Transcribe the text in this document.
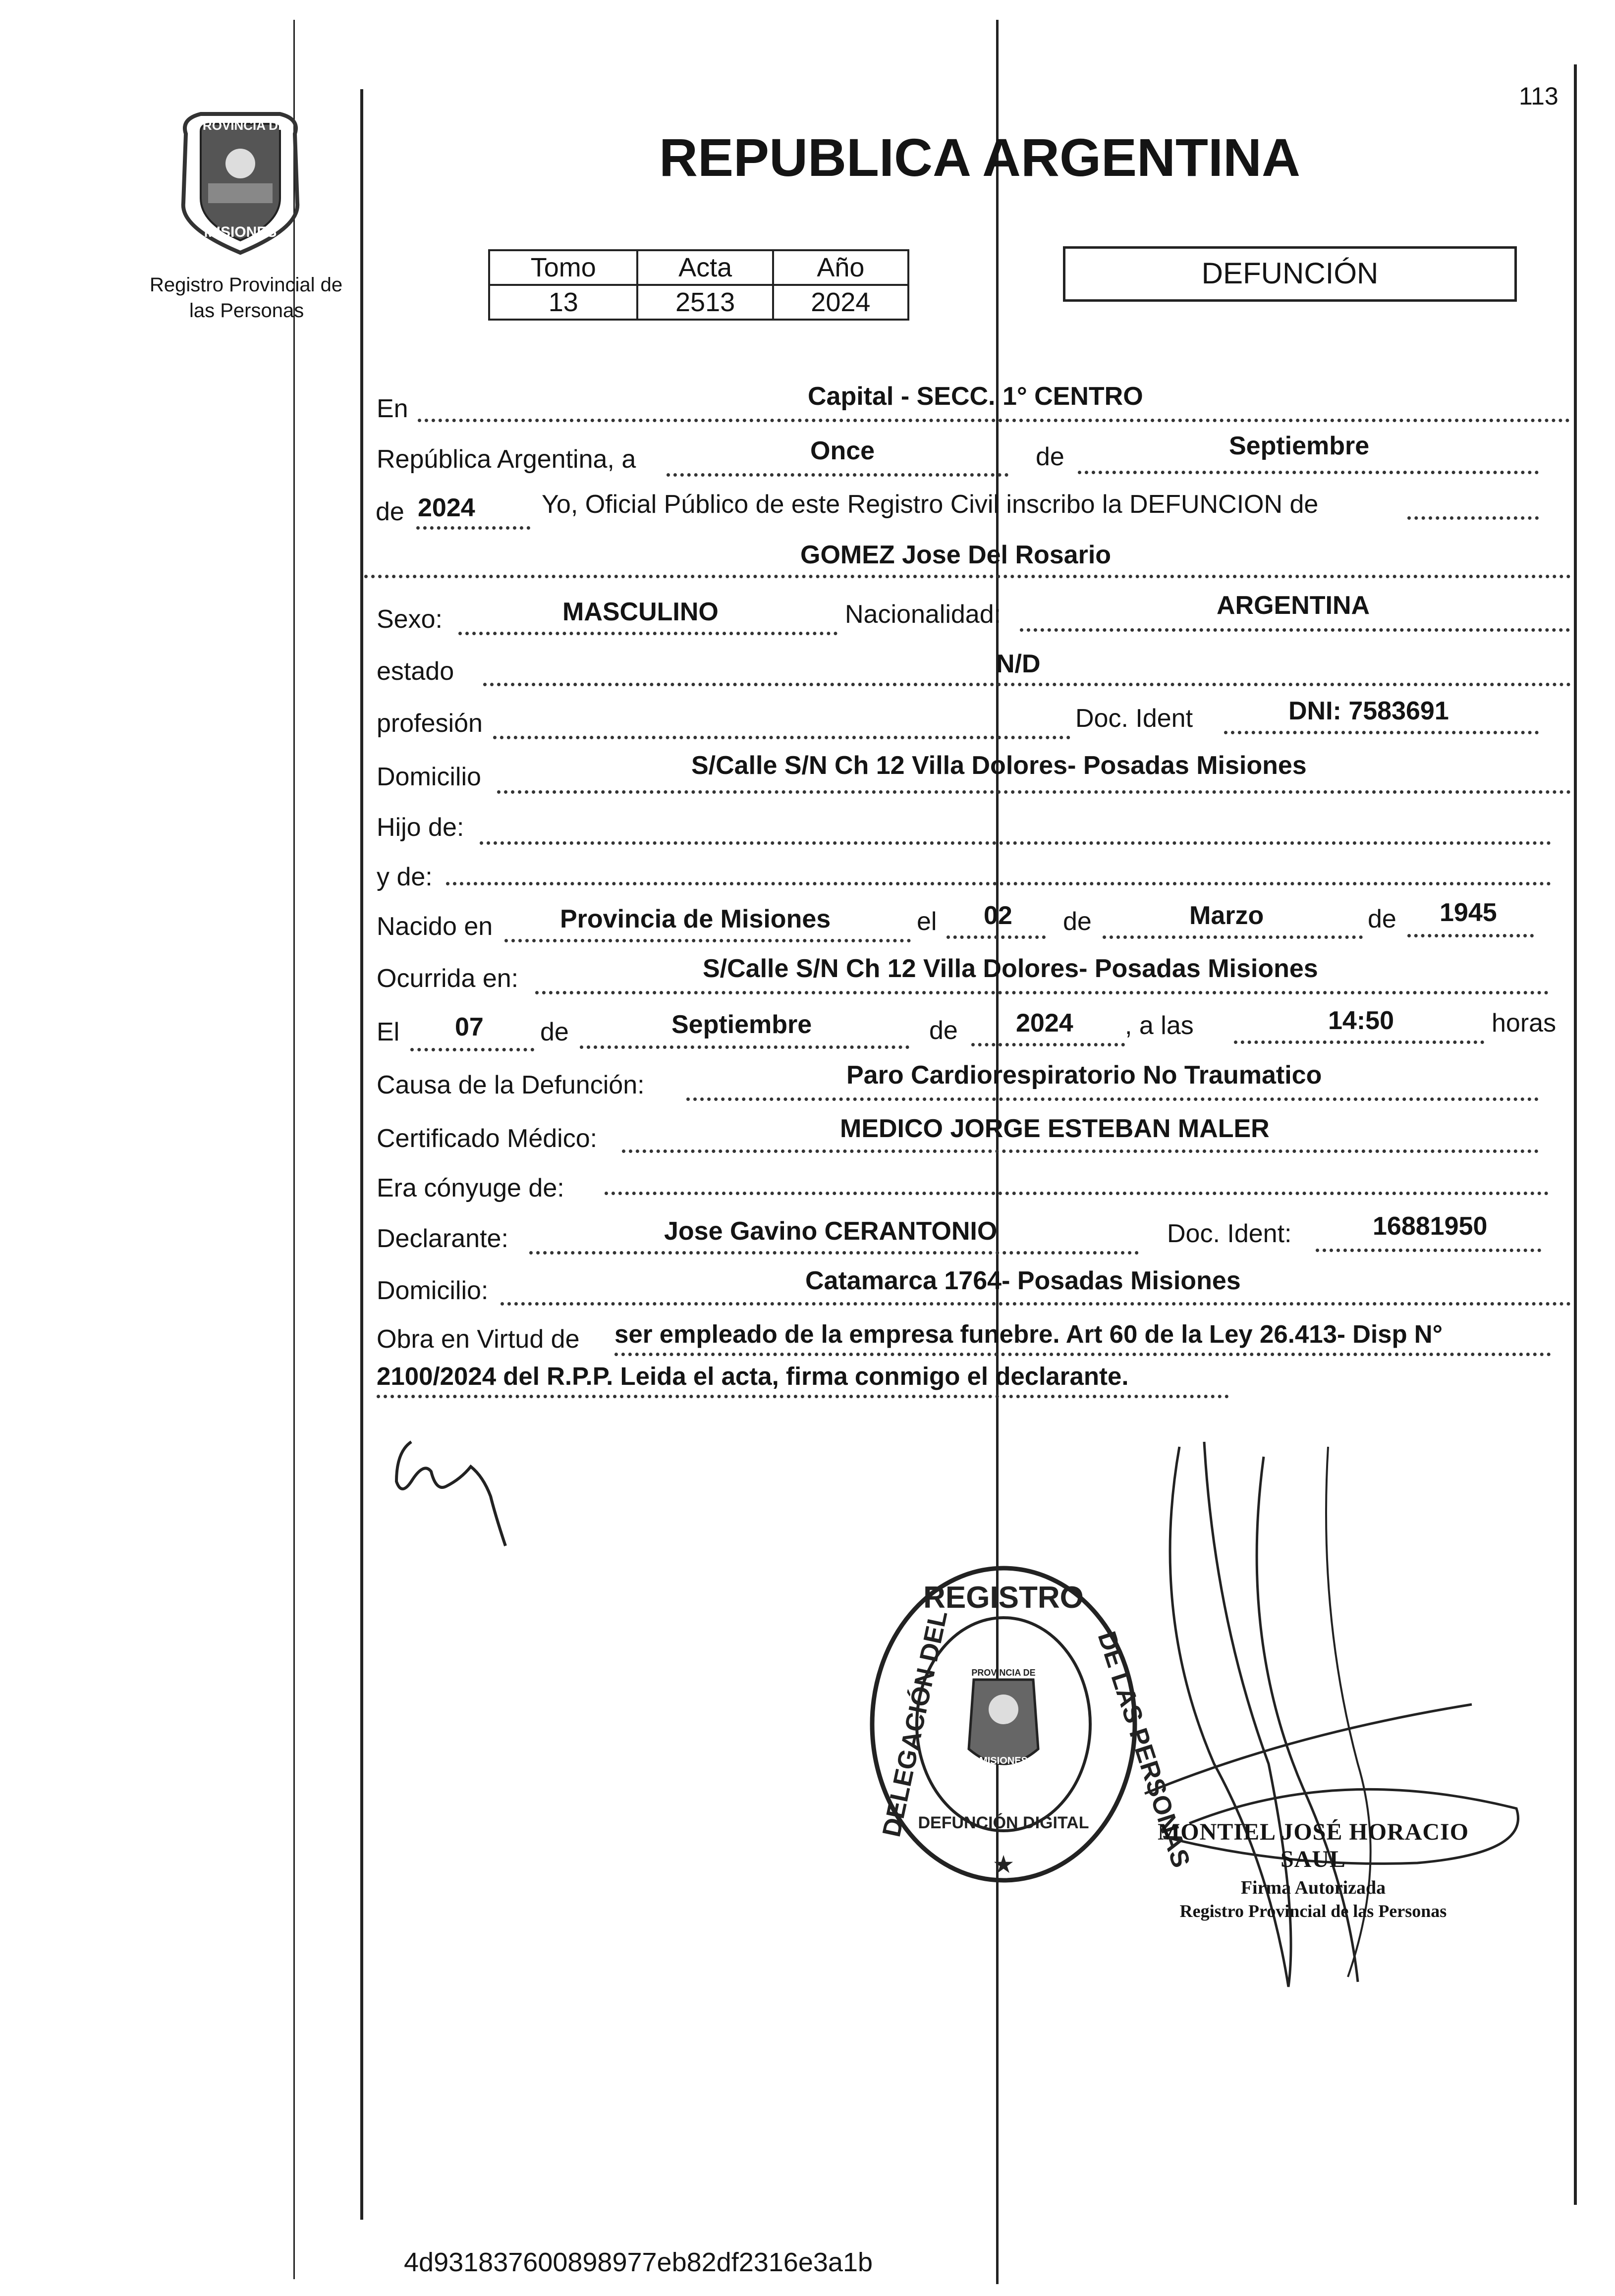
113
PROVINCIA DE
MISIONES
Registro Provincial de
las Personas
REPUBLICA ARGENTINA
Tomo	Acta	Año
13	2513	2024
DEFUNCIÓN
En	Capital - SECC. 1° CENTRO
República Argentina, a	Once	de	Septiembre
de 2024	Yo, Oficial Público de este Registro Civil inscribo la DEFUNCION de
GOMEZ Jose Del Rosario
Sexo:	MASCULINO	Nacionalidad:	ARGENTINA
estado	N/D
profesión	Doc. Ident	DNI: 7583691
Domicilio	S/Calle S/N Ch 12 Villa Dolores- Posadas Misiones
Hijo de:
y de:
Nacido en	Provincia de Misiones	el 02 de	Marzo	de 1945
Ocurrida en:	S/Calle S/N Ch 12 Villa Dolores- Posadas Misiones
El 07 de	Septiembre	de 2024 , a las	14:50	horas
Causa de la Defunción:	Paro Cardiorespiratorio No Traumatico
Certificado Médico:	MEDICO JORGE ESTEBAN MALER
Era cónyuge de:
Declarante:	Jose Gavino CERANTONIO	Doc. Ident:	16881950
Domicilio:	Catamarca 1764- Posadas Misiones
Obra en Virtud de ser empleado de la empresa funebre. Art 60 de la Ley 26.413- Disp N°
2100/2024 del R.P.P. Leida el acta, firma conmigo el declarante.
REGISTRO
DELEGACIÓN DEL	DE LAS PERSONAS
DEFUNCIÓN DIGITAL
PROVINCIA DE
MISIONES
★
MONTIEL JOSÉ HORACIO SAUL
Firma Autorizada
Registro Provincial de las Personas
4d931837600898977eb82df2316e3a1b
